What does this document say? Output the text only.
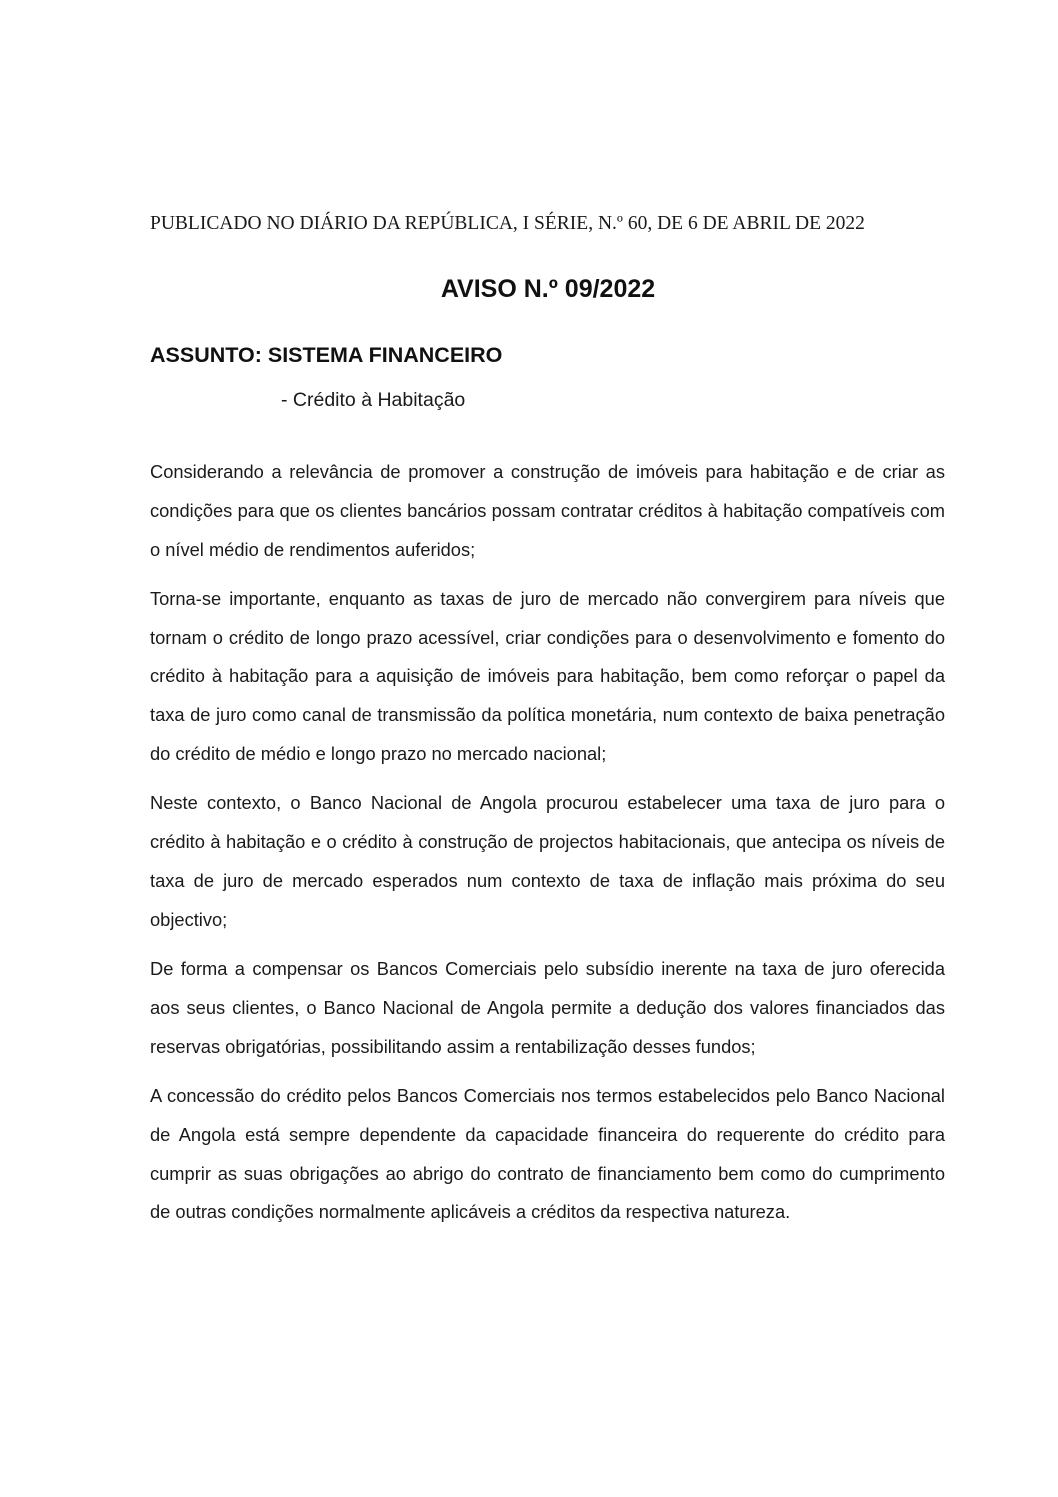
PUBLICADO NO DIÁRIO DA REPÚBLICA, I SÉRIE, N.º 60, DE 6 DE ABRIL DE 2022
AVISO N.º 09/2022
ASSUNTO: SISTEMA FINANCEIRO
- Crédito à Habitação

Considerando a relevância de promover a construção de imóveis para habitação e de criar as condições para que os clientes bancários possam contratar créditos à habitação compatíveis com o nível médio de rendimentos auferidos;

Torna-se importante, enquanto as taxas de juro de mercado não convergirem para níveis que tornam o crédito de longo prazo acessível, criar condições para o desenvolvimento e fomento do crédito à habitação para a aquisição de imóveis para habitação, bem como reforçar o papel da taxa de juro como canal de transmissão da política monetária, num contexto de baixa penetração do crédito de médio e longo prazo no mercado nacional;

Neste contexto, o Banco Nacional de Angola procurou estabelecer uma taxa de juro para o crédito à habitação e o crédito à construção de projectos habitacionais, que antecipa os níveis de taxa de juro de mercado esperados num contexto de taxa de inflação mais próxima do seu objectivo;

De forma a compensar os Bancos Comerciais pelo subsídio inerente na taxa de juro oferecida aos seus clientes, o Banco Nacional de Angola permite a dedução dos valores financiados das reservas obrigatórias, possibilitando assim a rentabilização desses fundos;

A concessão do crédito pelos Bancos Comerciais nos termos estabelecidos pelo Banco Nacional de Angola está sempre dependente da capacidade financeira do requerente do crédito para cumprir as suas obrigações ao abrigo do contrato de financiamento bem como do cumprimento de outras condições normalmente aplicáveis a créditos da respectiva natureza.
